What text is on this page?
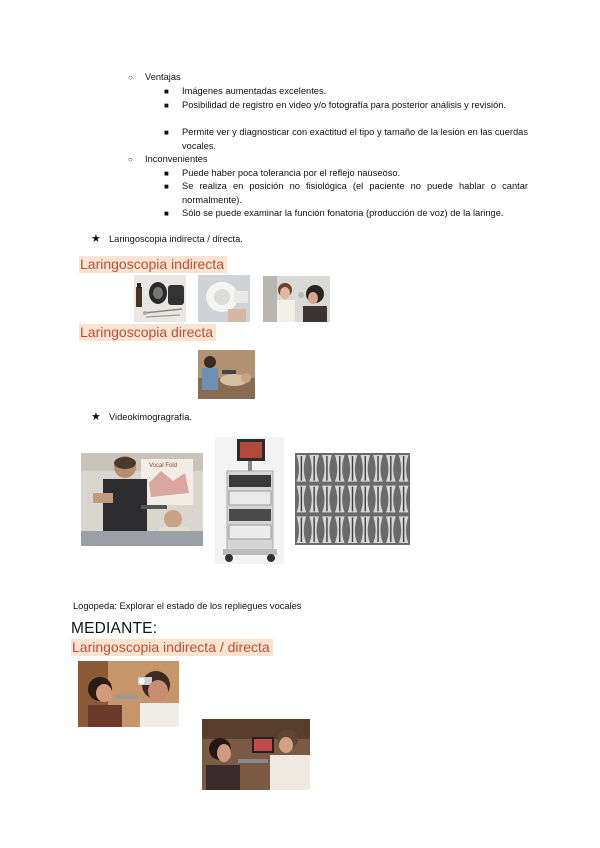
○ Ventajas
■ Imágenes aumentadas excelentes.
■ Posibilidad de registro en video y/o fotografía para posterior análisis y revisión.
■ Permite ver y diagnosticar con exactitud el tipo y tamaño de la lesión en las cuerdas vocales.
○ Inconvenientes
■ Puede haber poca tolerancia por el reflejo nauseoso.
■ Se realiza en posición no fisiológica (el paciente no puede hablar o cantar normalmente).
■ Sólo se puede examinar la función fonatoria (producción de voz) de la laringe.
★ Laringoscopia indirecta / directa.
Laringoscopia indirecta
Laringoscopia directa
★ Videokimogragrafía.
Vocal Fold
Logopeda: Explorar el estado de los repliegues vocales
MEDIANTE:
Laringoscopia indirecta / directa
